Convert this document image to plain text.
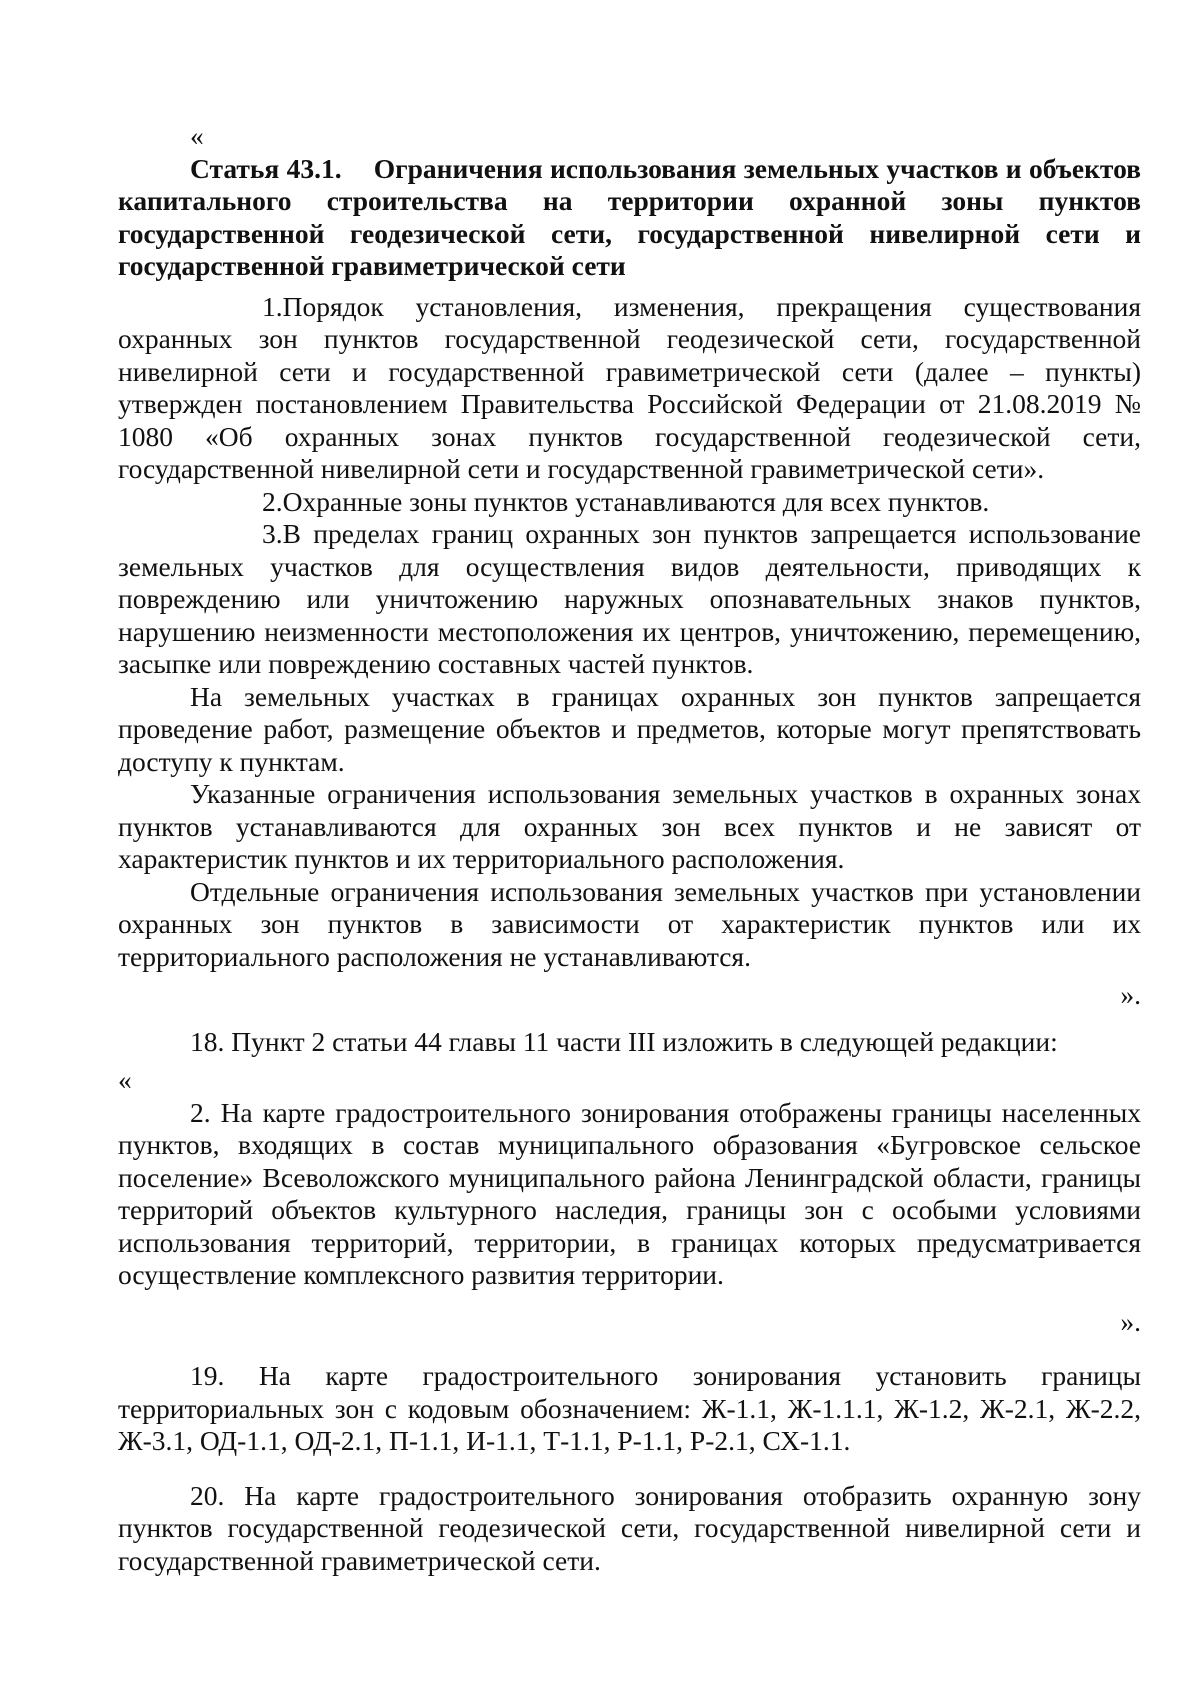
«

Статья 43.1. Ограничения использования земельных участков и объектов капитального строительства на территории охранной зоны пунктов государственной геодезической сети, государственной нивелирной сети и государственной гравиметрической сети

1.Порядок установления, изменения, прекращения существования охранных зон пунктов государственной геодезической сети, государственной нивелирной сети и государственной гравиметрической сети (далее – пункты) утвержден постановлением Правительства Российской Федерации от 21.08.2019 № 1080 «Об охранных зонах пунктов государственной геодезической сети, государственной нивелирной сети и государственной гравиметрической сети».

2.Охранные зоны пунктов устанавливаются для всех пунктов.

3.В пределах границ охранных зон пунктов запрещается использование земельных участков для осуществления видов деятельности, приводящих к повреждению или уничтожению наружных опознавательных знаков пунктов, нарушению неизменности местоположения их центров, уничтожению, перемещению, засыпке или повреждению составных частей пунктов.

На земельных участках в границах охранных зон пунктов запрещается проведение работ, размещение объектов и предметов, которые могут препятствовать доступу к пунктам.

Указанные ограничения использования земельных участков в охранных зонах пунктов устанавливаются для охранных зон всех пунктов и не зависят от характеристик пунктов и их территориального расположения.

Отдельные ограничения использования земельных участков при установлении охранных зон пунктов в зависимости от характеристик пунктов или их территориального расположения не устанавливаются.

».

18. Пункт 2 статьи 44 главы 11 части III изложить в следующей редакции:

«

2. На карте градостроительного зонирования отображены границы населенных пунктов, входящих в состав муниципального образования «Бугровское сельское поселение» Всеволожского муниципального района Ленинградской области, границы территорий объектов культурного наследия, границы зон с особыми условиями использования территорий, территории, в границах которых предусматривается осуществление комплексного развития территории.

».

19. На карте градостроительного зонирования установить границы территориальных зон с кодовым обозначением: Ж-1.1, Ж-1.1.1, Ж-1.2, Ж-2.1, Ж-2.2, Ж-3.1, ОД-1.1, ОД-2.1, П-1.1, И-1.1, Т-1.1, Р-1.1, Р-2.1, СХ-1.1.

20. На карте градостроительного зонирования отобразить охранную зону пунктов государственной геодезической сети, государственной нивелирной сети и государственной гравиметрической сети.
